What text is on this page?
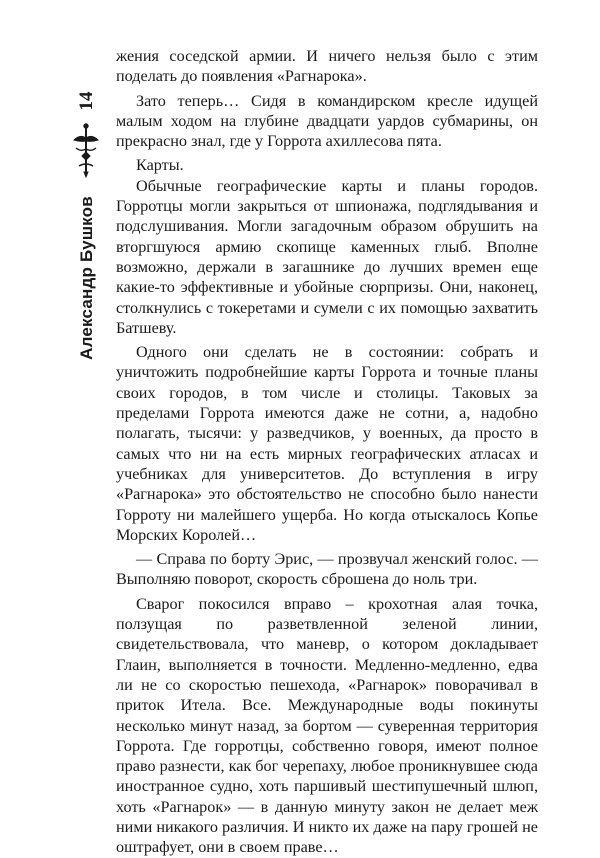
14
Александр Бушков

жения соседской армии. И ничего нельзя было с этим поделать до появления «Рагнарока».

Зато теперь… Сидя в командирском кресле идущей малым ходом на глубине двадцати уардов субмарины, он прекрасно знал, где у Горрота ахиллесова пята.

Карты.

Обычные географические карты и планы городов. Горротцы могли закрыться от шпионажа, подглядывания и подслушивания. Могли загадочным образом обрушить на вторгшуюся армию скопище каменных глыб. Вполне возможно, держали в загашнике до лучших времен еще какие-то эффективные и убойные сюрпризы. Они, наконец, столкнулись с токеретами и сумели с их помощью захватить Батшеву.

Одного они сделать не в состоянии: собрать и уничтожить подробнейшие карты Горрота и точные планы своих городов, в том числе и столицы. Таковых за пределами Горрота имеются даже не сотни, а, надобно полагать, тысячи: у разведчиков, у военных, да просто в самых что ни на есть мирных географических атласах и учебниках для университетов. До вступления в игру «Рагнарока» это обстоятельство не способно было нанести Горроту ни малейшего ущерба. Но когда отыскалось Копье Морских Королей…

— Справа по борту Эрис, — прозвучал женский голос. — Выполняю поворот, скорость сброшена до ноль три.

Сварог покосился вправо – крохотная алая точка, ползущая по разветвленной зеленой линии, свидетельствовала, что маневр, о котором докладывает Глаин, выполняется в точности. Медленно-медленно, едва ли не со скоростью пешехода, «Рагнарок» поворачивал в приток Итела. Все. Международные воды покинуты несколько минут назад, за бортом — суверенная территория Горрота. Где горротцы, собственно говоря, имеют полное право разнести, как бог черепаху, любое проникнувшее сюда иностранное судно, хоть паршивый шестипушечный шлюп, хоть «Рагнарок» — в данную минуту закон не делает меж ними никакого различия. И никто их даже на пару грошей не оштрафует, они в своем праве…
